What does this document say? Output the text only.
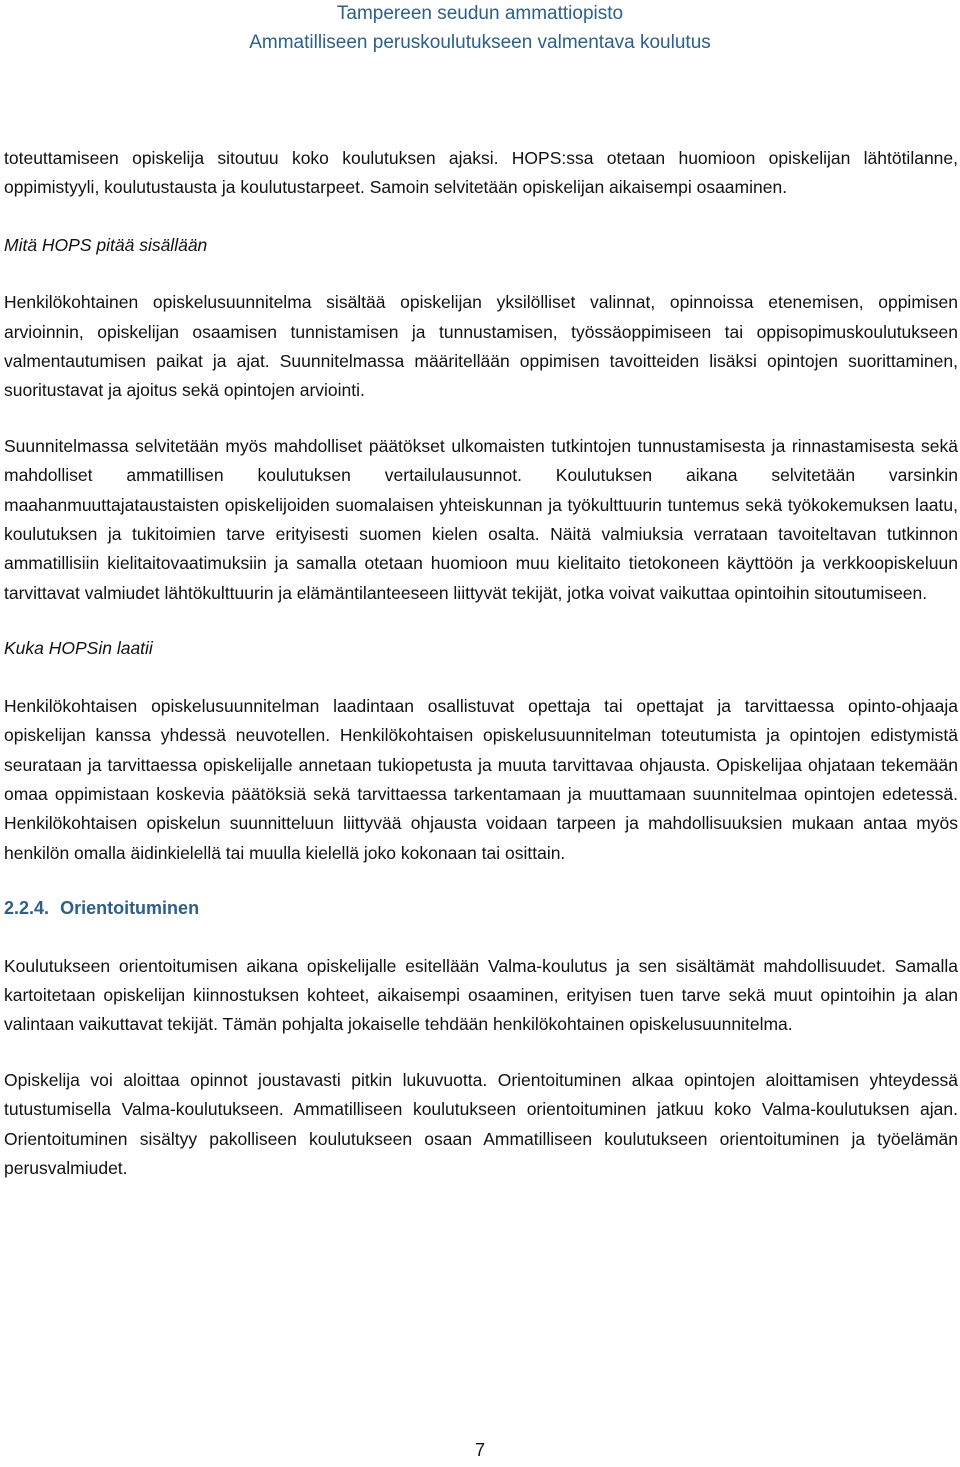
Tampereen seudun ammattiopisto
Ammatilliseen peruskoulutukseen valmentava koulutus

toteuttamiseen opiskelija sitoutuu koko koulutuksen ajaksi. HOPS:ssa otetaan huomioon opiskelijan lähtötilanne, oppimistyyli, koulutustausta ja koulutustarpeet. Samoin selvitetään opiskelijan aikaisempi osaaminen.

Mitä HOPS pitää sisällään

Henkilökohtainen opiskelusuunnitelma sisältää opiskelijan yksilölliset valinnat, opinnoissa etenemisen, oppimisen arvioinnin, opiskelijan osaamisen tunnistamisen ja tunnustamisen, työssäoppimiseen tai oppisopimuskoulutukseen valmentautumisen paikat ja ajat. Suunnitelmassa määritellään oppimisen tavoitteiden lisäksi opintojen suorittaminen, suoritustavat ja ajoitus sekä opintojen arviointi.

Suunnitelmassa selvitetään myös mahdolliset päätökset ulkomaisten tutkintojen tunnustamisesta ja rinnastamisesta sekä mahdolliset ammatillisen koulutuksen vertailulausunnot. Koulutuksen aikana selvitetään varsinkin maahanmuuttajataustaisten opiskelijoiden suomalaisen yhteiskunnan ja työkulttuurin tuntemus sekä työkokemuksen laatu, koulutuksen ja tukitoimien tarve erityisesti suomen kielen osalta. Näitä valmiuksia verrataan tavoiteltavan tutkinnon ammatillisiin kielitaitovaatimuksiin ja samalla otetaan huomioon muu kielitaito tietokoneen käyttöön ja verkkoopiskeluun tarvittavat valmiudet lähtökulttuurin ja elämäntilanteeseen liittyvät tekijät, jotka voivat vaikuttaa opintoihin sitoutumiseen.

Kuka HOPSin laatii

Henkilökohtaisen opiskelusuunnitelman laadintaan osallistuvat opettaja tai opettajat ja tarvittaessa opinto-ohjaaja opiskelijan kanssa yhdessä neuvotellen. Henkilökohtaisen opiskelusuunnitelman toteutumista ja opintojen edistymistä seurataan ja tarvittaessa opiskelijalle annetaan tukiopetusta ja muuta tarvittavaa ohjausta. Opiskelijaa ohjataan tekemään omaa oppimistaan koskevia päätöksiä sekä tarvittaessa tarkentamaan ja muuttamaan suunnitelmaa opintojen edetessä. Henkilökohtaisen opiskelun suunnitteluun liittyvää ohjausta voidaan tarpeen ja mahdollisuuksien mukaan antaa myös henkilön omalla äidinkielellä tai muulla kielellä joko kokonaan tai osittain.

2.2.4. Orientoituminen

Koulutukseen orientoitumisen aikana opiskelijalle esitellään Valma-koulutus ja sen sisältämät mahdollisuudet. Samalla kartoitetaan opiskelijan kiinnostuksen kohteet, aikaisempi osaaminen, erityisen tuen tarve sekä muut opintoihin ja alan valintaan vaikuttavat tekijät. Tämän pohjalta jokaiselle tehdään henkilökohtainen opiskelusuunnitelma.

Opiskelija voi aloittaa opinnot joustavasti pitkin lukuvuotta. Orientoituminen alkaa opintojen aloittamisen yhteydessä tutustumisella Valma-koulutukseen. Ammatilliseen koulutukseen orientoituminen jatkuu koko Valma-koulutuksen ajan. Orientoituminen sisältyy pakolliseen koulutukseen osaan Ammatilliseen koulutukseen orientoituminen ja työelämän perusvalmiudet.

7
